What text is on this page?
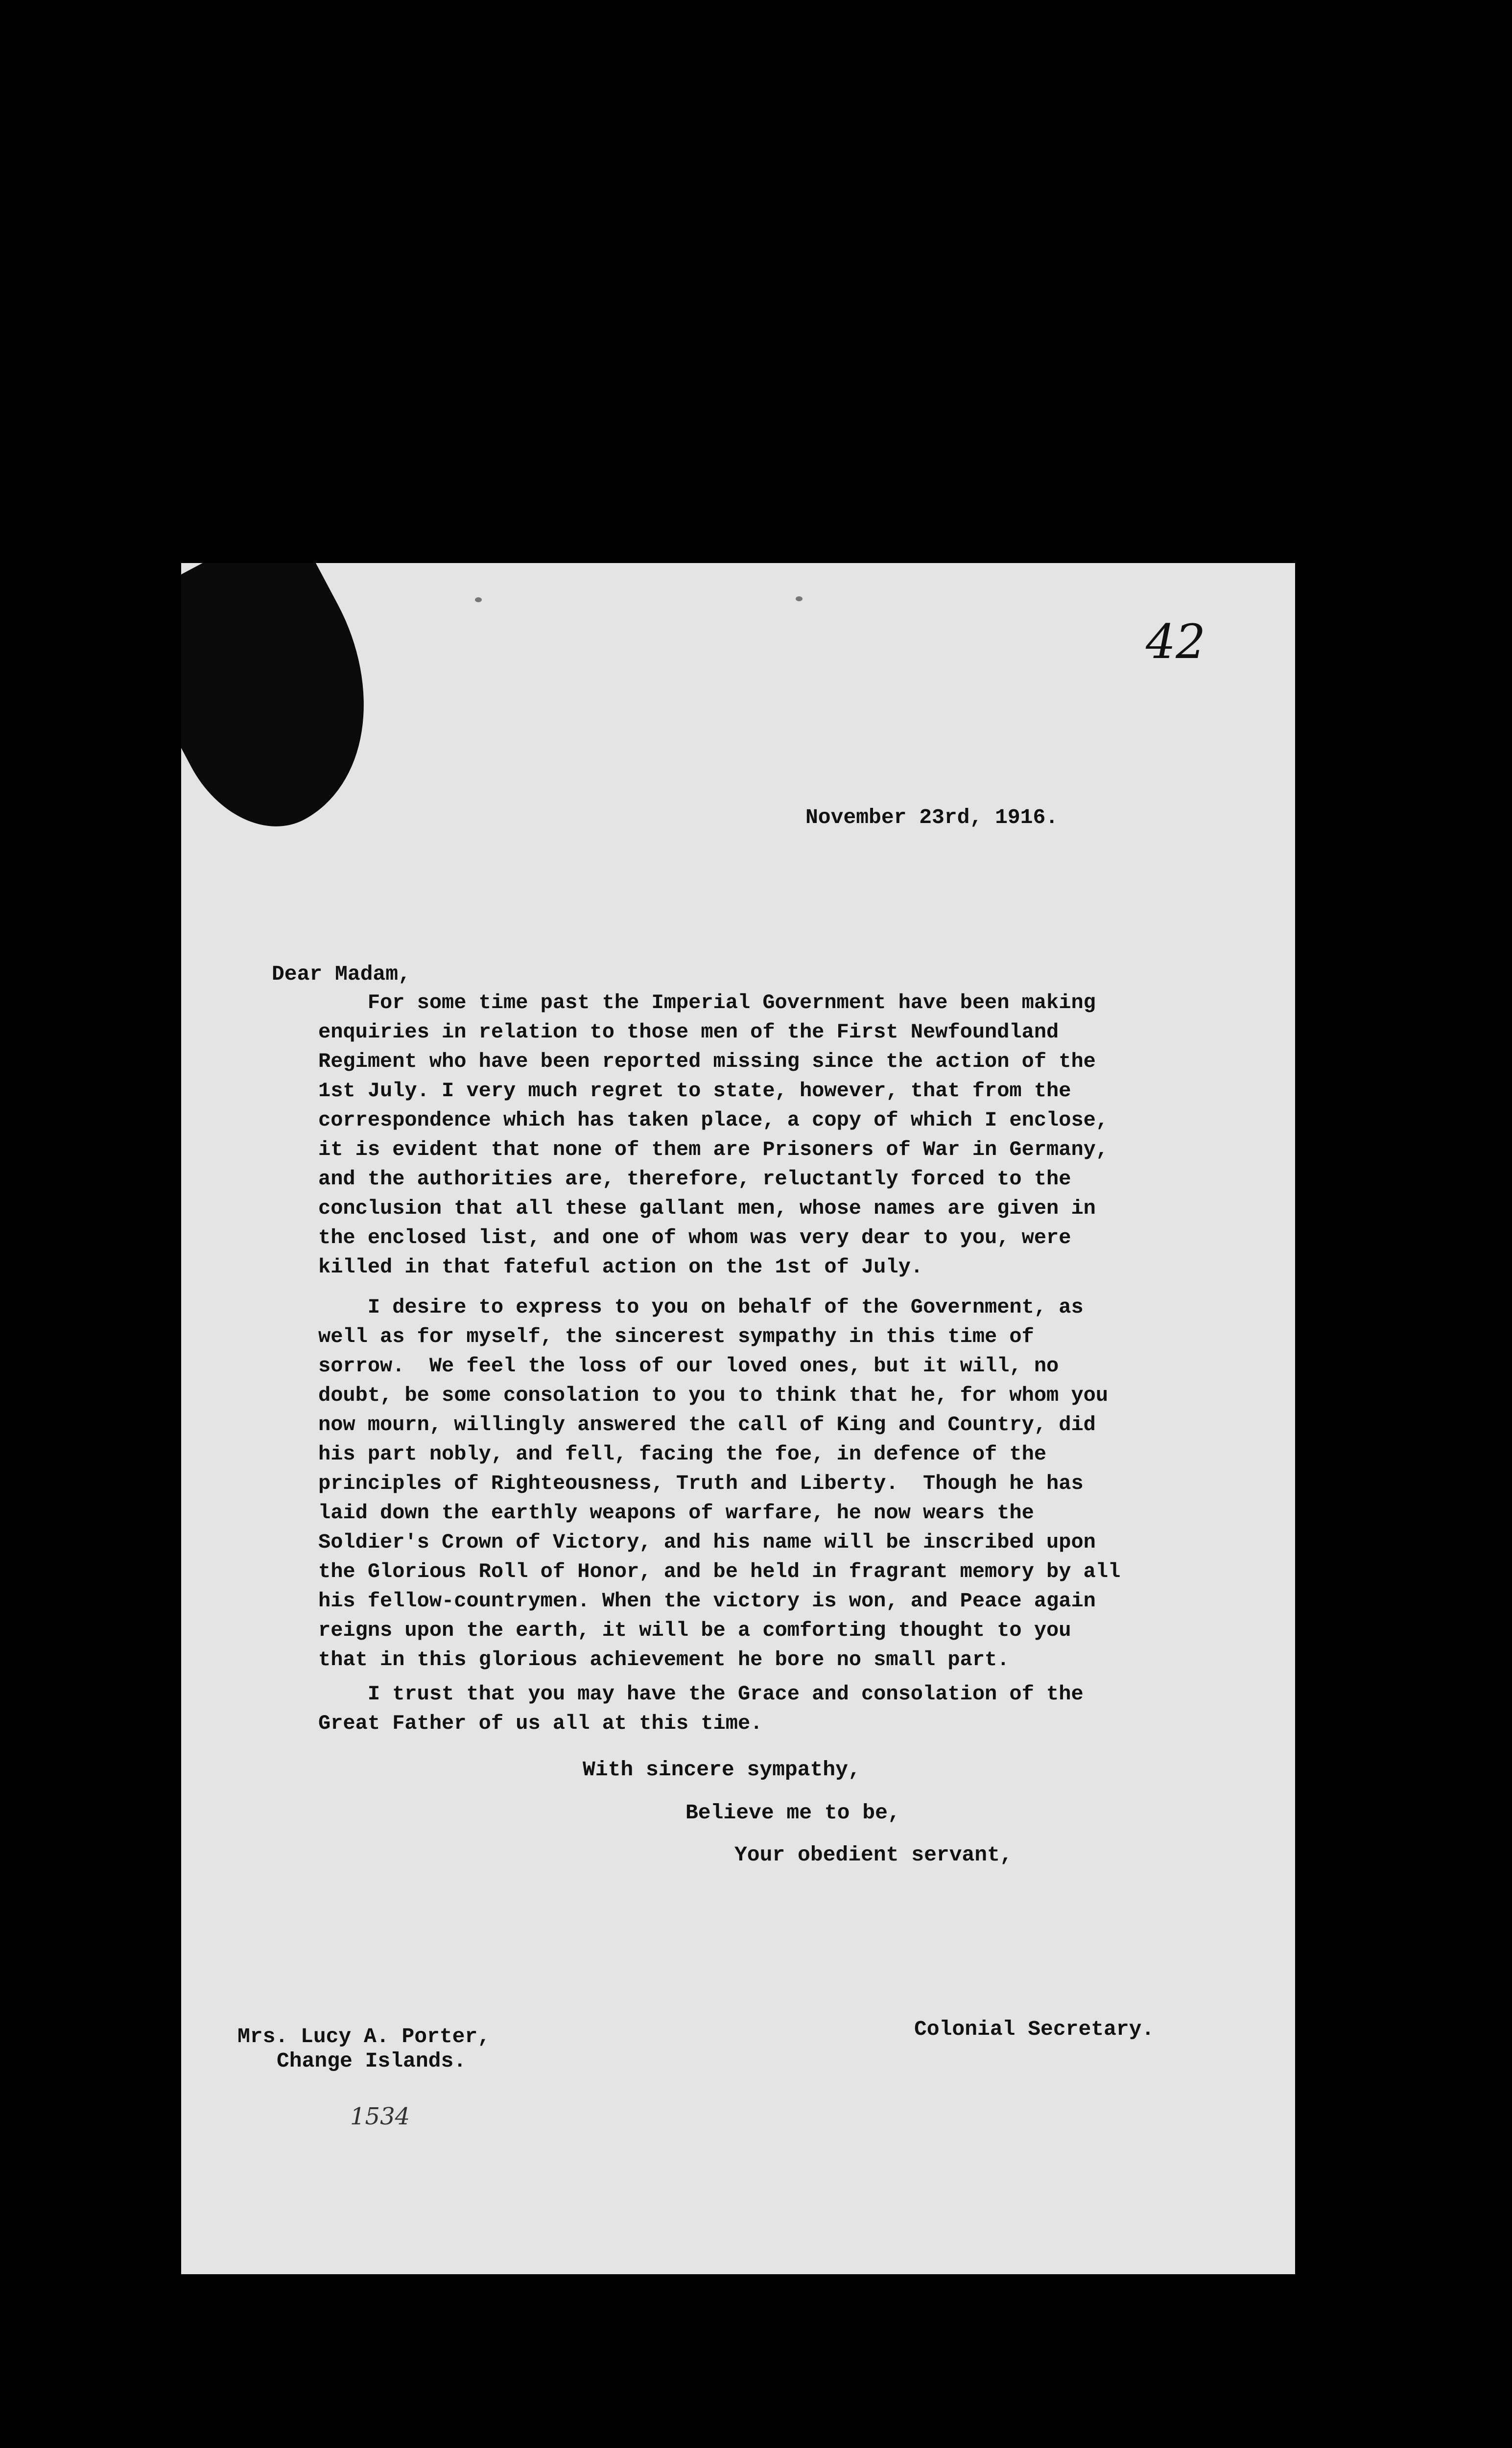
42
November 23rd, 1916.
Dear Madam,

For some time past the Imperial Government have been making
enquiries in relation to those men of the First Newfoundland
Regiment who have been reported missing since the action of the
1st July. I very much regret to state, however, that from the
correspondence which has taken place, a copy of which I enclose,
it is evident that none of them are Prisoners of War in Germany,
and the authorities are, therefore, reluctantly forced to the
conclusion that all these gallant men, whose names are given in
the enclosed list, and one of whom was very dear to you, were
killed in that fateful action on the 1st of July.

I desire to express to you on behalf of the Government, as
well as for myself, the sincerest sympathy in this time of
sorrow.  We feel the loss of our loved ones, but it will, no
doubt, be some consolation to you to think that he, for whom you
now mourn, willingly answered the call of King and Country, did
his part nobly, and fell, facing the foe, in defence of the
principles of Righteousness, Truth and Liberty.  Though he has
laid down the earthly weapons of warfare, he now wears the
Soldier's Crown of Victory, and his name will be inscribed upon
the Glorious Roll of Honor, and be held in fragrant memory by all
his fellow-countrymen. When the victory is won, and Peace again
reigns upon the earth, it will be a comforting thought to you
that in this glorious achievement he bore no small part.

I trust that you may have the Grace and consolation of the
Great Father of us all at this time.

With sincere sympathy,
Believe me to be,
Your obedient servant,
Colonial Secretary.
Mrs. Lucy A. Porter,
Change Islands.
1534
